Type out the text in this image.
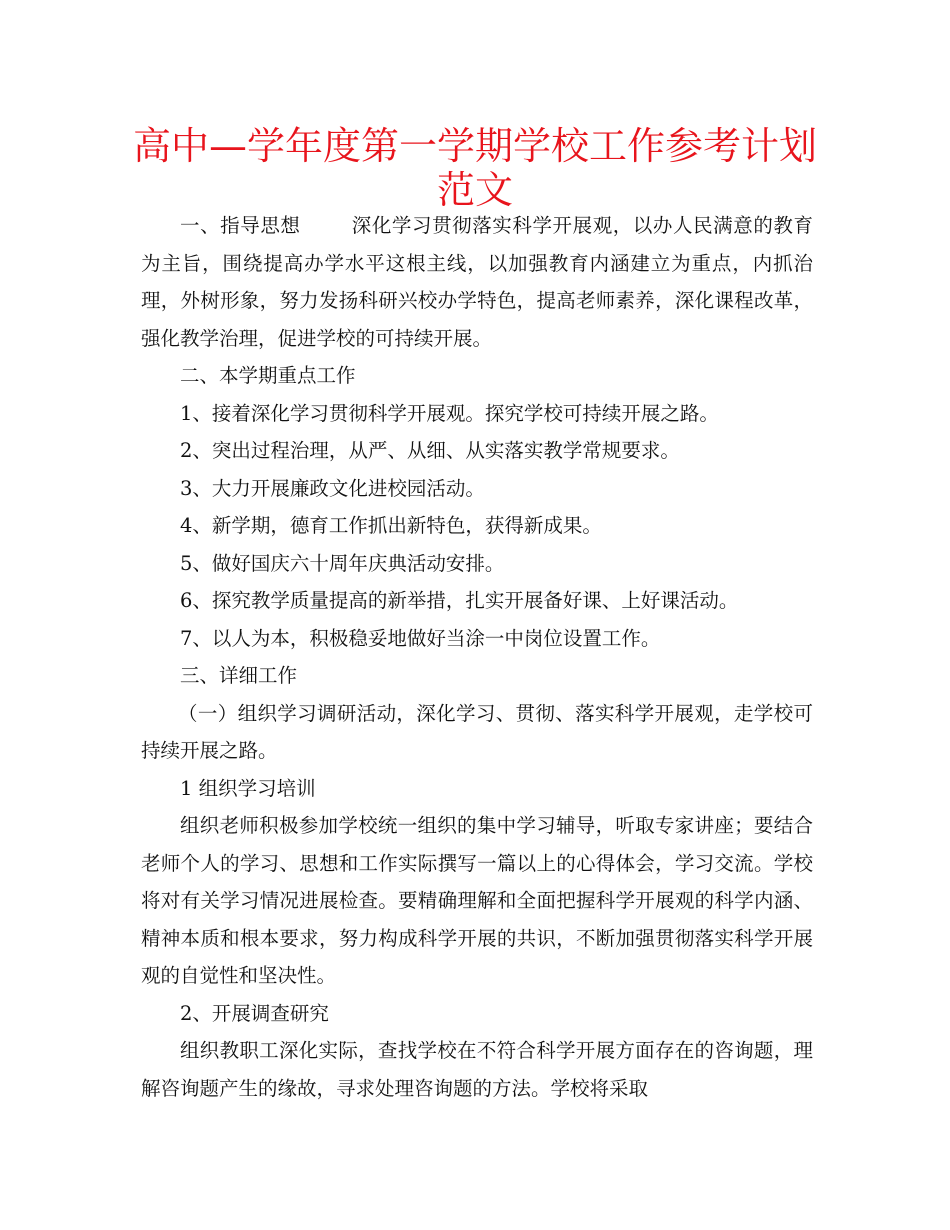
高中—学年度第一学期学校工作参考计划
范文

一、指导思想	深化学习贯彻落实科学开展观，以办人民满意的教育为主旨，围绕提高办学水平这根主线，以加强教育内涵建立为重点，内抓治理，外树形象，努力发扬科研兴校办学特色，提高老师素养，深化课程改革，强化教学治理，促进学校的可持续开展。

二、本学期重点工作

1、接着深化学习贯彻科学开展观。探究学校可持续开展之路。

2、突出过程治理，从严、从细、从实落实教学常规要求。

3、大力开展廉政文化进校园活动。

4、新学期，德育工作抓出新特色，获得新成果。

5、做好国庆六十周年庆典活动安排。

6、探究教学质量提高的新举措，扎实开展备好课、上好课活动。

7、以人为本，积极稳妥地做好当涂一中岗位设置工作。

三、详细工作

（一）组织学习调研活动，深化学习、贯彻、落实科学开展观，走学校可持续开展之路。

1 组织学习培训

组织老师积极参加学校统一组织的集中学习辅导，听取专家讲座；要结合老师个人的学习、思想和工作实际撰写一篇以上的心得体会，学习交流。学校将对有关学习情况进展检查。要精确理解和全面把握科学开展观的科学内涵、精神本质和根本要求，努力构成科学开展的共识，不断加强贯彻落实科学开展观的自觉性和坚决性。

2、开展调查研究

组织教职工深化实际，查找学校在不符合科学开展方面存在的咨询题，理解咨询题产生的缘故，寻求处理咨询题的方法。学校将采取
